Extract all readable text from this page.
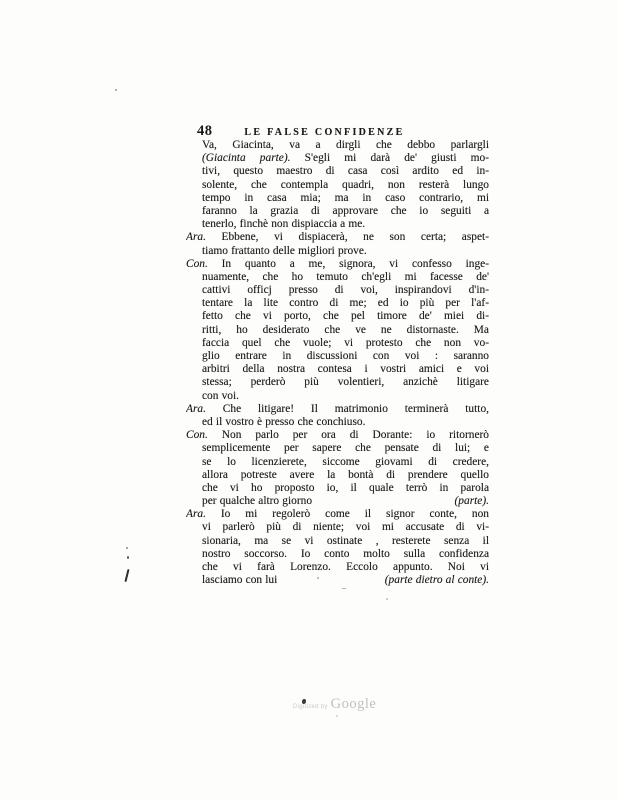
48	LE FALSE CONFIDENZE
Va, Giacinta, va a dirgli che debbo parlargli
(Giacinta parte). S'egli mi darà de' giusti mo-
tivi, questo maestro di casa così ardito ed in-
solente, che contempla quadri, non resterà lungo
tempo in casa mia; ma in caso contrario, mi
faranno la grazia di approvare che io seguiti a
tenerlo, finchè non dispiaccia a me.
Ara. Ebbene, vi dispiacerà, ne son certa; aspet-
tiamo frattanto delle migliori prove.
Con. In quanto a me, signora, vi confesso inge-
nuamente, che ho temuto ch'egli mi facesse de'
cattivi officj presso di voi, inspirandovi d'in-
tentare la lite contro di me; ed io più per l'af-
fetto che vi porto, che pel timore de' miei di-
ritti, ho desiderato che ve ne distornaste. Ma
faccia quel che vuole; vi protesto che non vo-
glio entrare in discussioni con voi : saranno
arbitri della nostra contesa i vostri amici e voi
stessa; perderò più volentieri, anzichè litigare
con voi.
Ara. Che litigare! Il matrimonio terminerà tutto,
ed il vostro è presso che conchiuso.
Con. Non parlo per ora di Dorante: io ritornerò
semplicemente per sapere che pensate di lui; e
se lo licenzierete, siccome giovami di credere,
allora potreste avere la bontà di prendere quello
che vi ho proposto io, il quale terrò in parola
per qualche altro giorno	(parte).
Ara. Io mi regolerò come il signor conte, non
vi parlerò più di niente; voi mi accusate di vi-
sionaria, ma se vi ostinate , resterete senza il
nostro soccorso. Io conto molto sulla confidenza
che vi farà Lorenzo. Eccolo appunto. Noi vi
lasciamo con lui	(parte dietro al conte).
Digitized by Google
